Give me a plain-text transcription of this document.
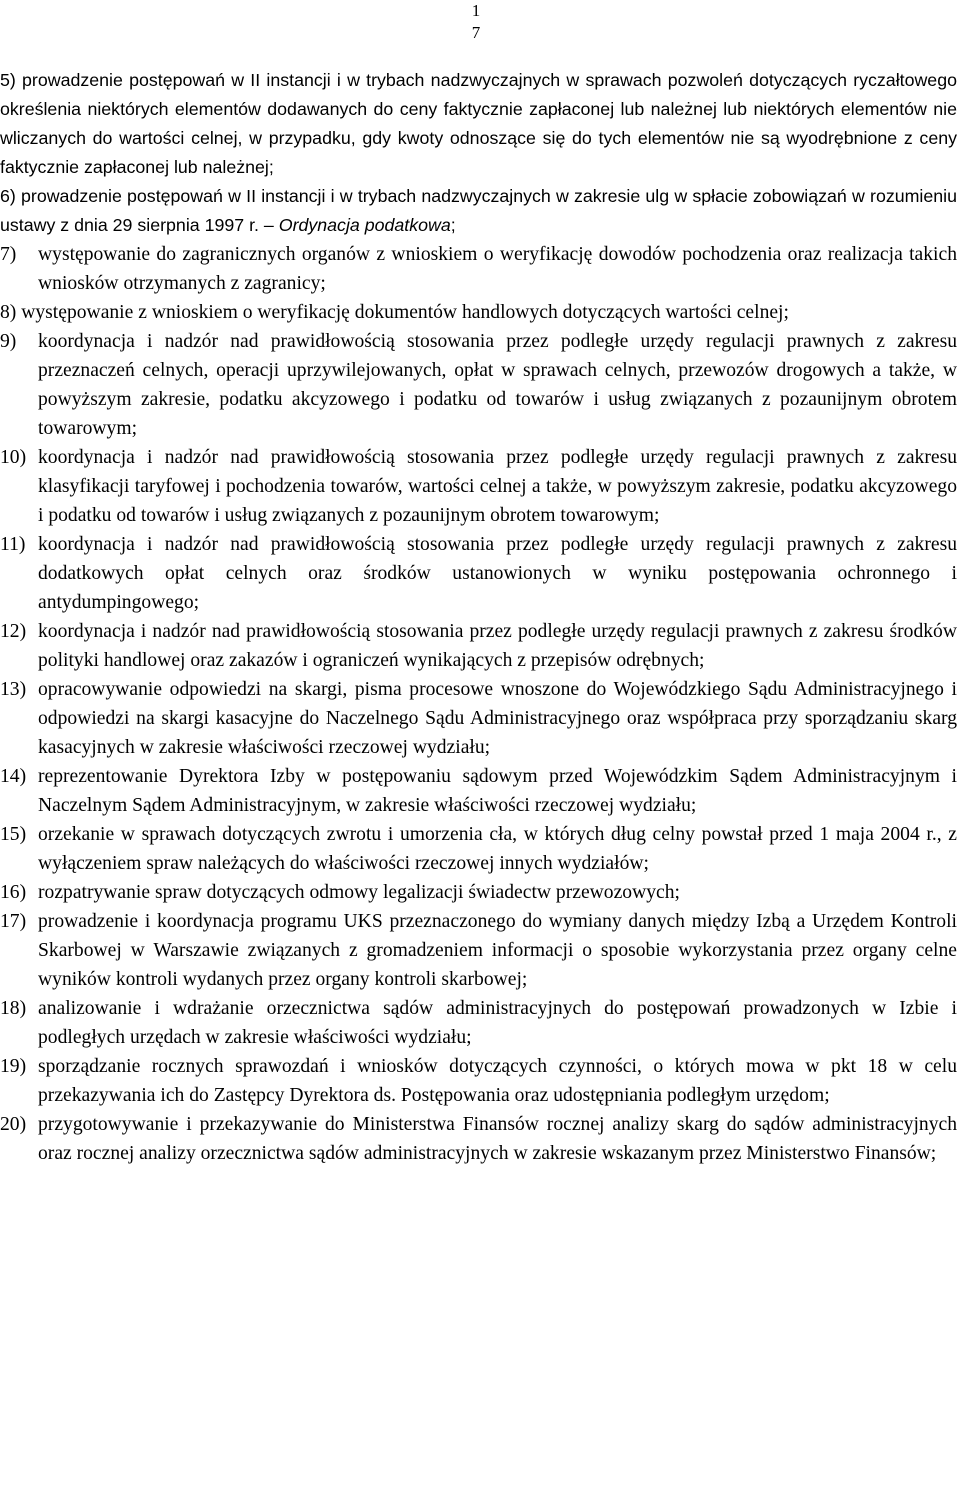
1
7
5) prowadzenie postępowań w II instancji i w trybach nadzwyczajnych w sprawach pozwoleń dotyczących ryczałtowego określenia niektórych elementów dodawanych do ceny faktycznie zapłaconej lub należnej lub niektórych elementów nie wliczanych do wartości celnej, w przypadku, gdy kwoty odnoszące się do tych elementów nie są wyodrębnione z ceny faktycznie zapłaconej lub należnej;
6) prowadzenie postępowań w II instancji i w trybach nadzwyczajnych w zakresie ulg w spłacie zobowiązań w rozumieniu ustawy z dnia 29 sierpnia 1997 r. – Ordynacja podatkowa;
7)	występowanie do zagranicznych organów z wnioskiem o weryfikację dowodów pochodzenia oraz realizacja takich wniosków otrzymanych z zagranicy;
8) występowanie z wnioskiem o weryfikację dokumentów handlowych dotyczących wartości celnej;
9)	koordynacja i nadzór nad prawidłowością stosowania przez podległe urzędy regulacji prawnych z zakresu przeznaczeń celnych, operacji uprzywilejowanych, opłat w sprawach celnych, przewozów drogowych a także, w powyższym zakresie, podatku akcyzowego i podatku od towarów i usług związanych z pozaunijnym obrotem towarowym;
10) koordynacja i nadzór nad prawidłowością stosowania przez podległe urzędy regulacji prawnych z zakresu klasyfikacji taryfowej i pochodzenia towarów, wartości celnej a także, w powyższym zakresie, podatku akcyzowego i podatku od towarów i usług związanych z pozaunijnym obrotem towarowym;
11) koordynacja i nadzór nad prawidłowością stosowania przez podległe urzędy regulacji prawnych z zakresu dodatkowych opłat celnych oraz środków ustanowionych w wyniku postępowania ochronnego i antydumpingowego;
12) koordynacja i nadzór nad prawidłowością stosowania przez podległe urzędy regulacji prawnych z zakresu środków polityki handlowej oraz zakazów i ograniczeń wynikających z przepisów odrębnych;
13) opracowywanie odpowiedzi na skargi, pisma procesowe wnoszone do Wojewódzkiego Sądu Administracyjnego i odpowiedzi na skargi kasacyjne do Naczelnego Sądu Administracyjnego oraz współpraca przy sporządzaniu skarg kasacyjnych w zakresie właściwości rzeczowej wydziału;
14) reprezentowanie Dyrektora Izby w postępowaniu sądowym przed Wojewódzkim Sądem Administracyjnym i Naczelnym Sądem Administracyjnym, w zakresie właściwości rzeczowej wydziału;
15) orzekanie w sprawach dotyczących zwrotu i umorzenia cła, w których dług celny powstał przed 1 maja 2004 r., z wyłączeniem spraw należących do właściwości rzeczowej innych wydziałów;
16) rozpatrywanie spraw dotyczących odmowy legalizacji świadectw przewozowych;
17) prowadzenie i koordynacja programu UKS przeznaczonego do wymiany danych między Izbą a Urzędem Kontroli Skarbowej w Warszawie związanych z gromadzeniem informacji o sposobie wykorzystania przez organy celne wyników kontroli wydanych przez organy kontroli skarbowej;
18) analizowanie i wdrażanie orzecznictwa sądów administracyjnych do postępowań prowadzonych w Izbie i podległych urzędach w zakresie właściwości wydziału;
19) sporządzanie rocznych sprawozdań i wniosków dotyczących czynności, o których mowa w pkt 18 w celu przekazywania ich do Zastępcy Dyrektora ds. Postępowania oraz udostępniania podległym urzędom;
20) przygotowywanie i przekazywanie do Ministerstwa Finansów rocznej analizy skarg do sądów administracyjnych oraz rocznej analizy orzecznictwa sądów administracyjnych w zakresie wskazanym przez Ministerstwo Finansów;
